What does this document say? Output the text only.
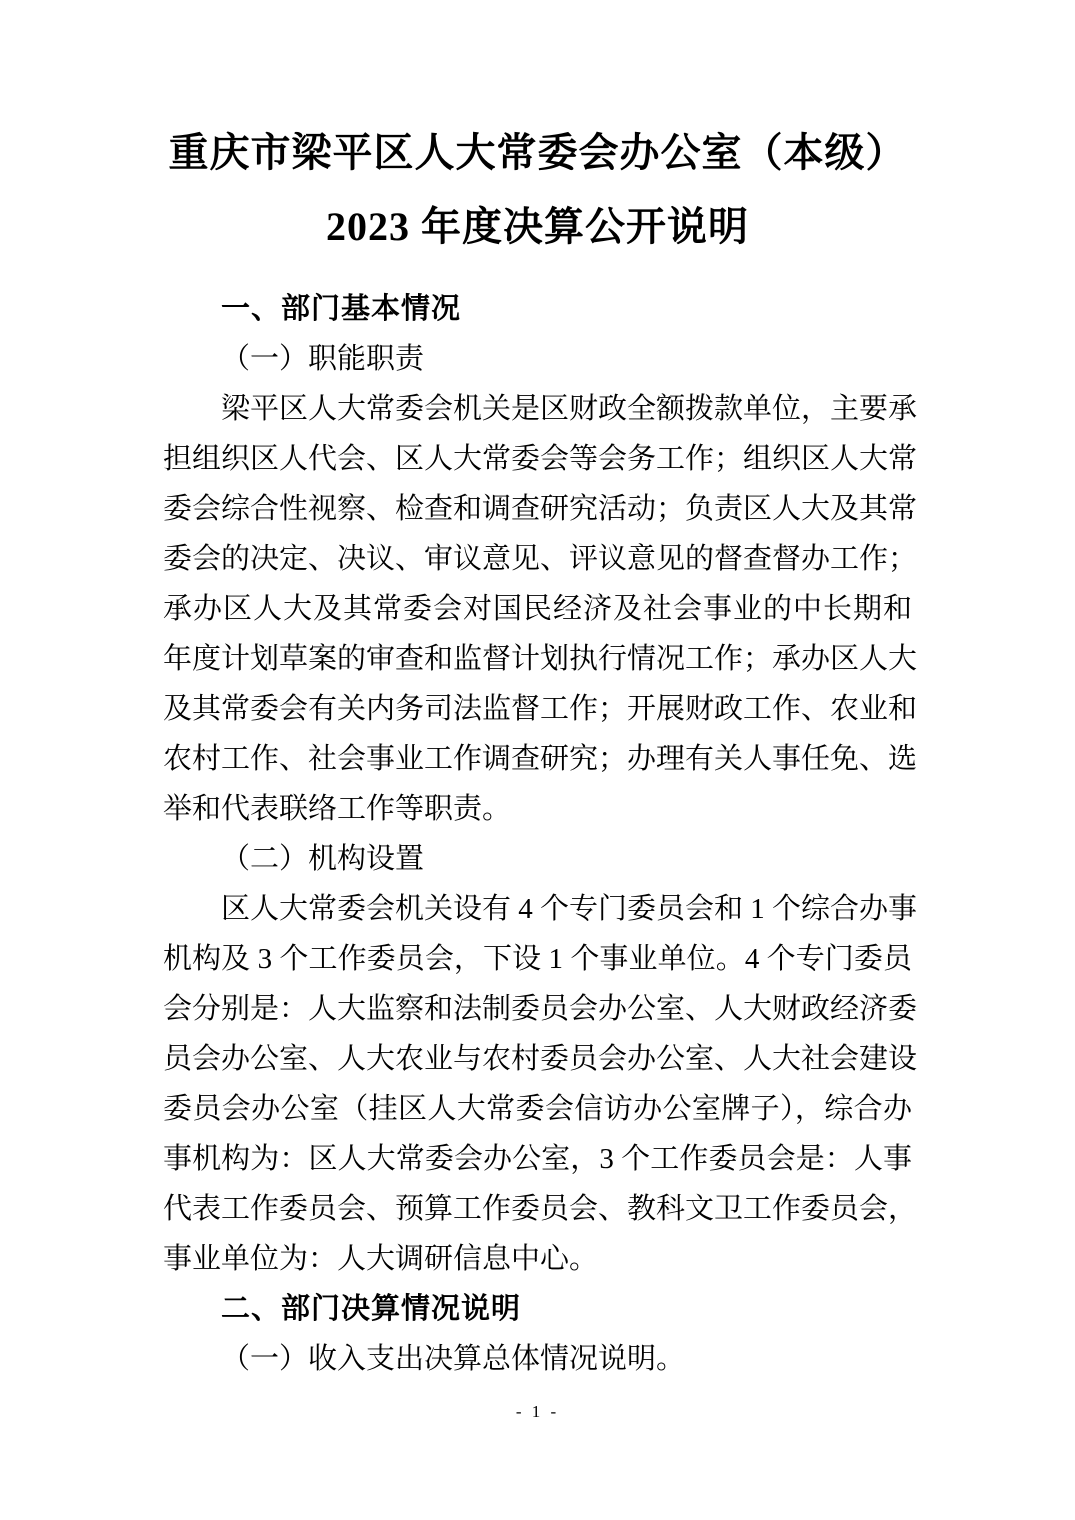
重庆市梁平区人大常委会办公室（本级）
2023 年度决算公开说明
一、部门基本情况
（一）职能职责
梁平区人大常委会机关是区财政全额拨款单位，主要承
担组织区人代会、区人大常委会等会务工作；组织区人大常
委会综合性视察、检查和调查研究活动；负责区人大及其常
委会的决定、决议、审议意见、评议意见的督查督办工作；
承办区人大及其常委会对国民经济及社会事业的中长期和
年度计划草案的审查和监督计划执行情况工作；承办区人大
及其常委会有关内务司法监督工作；开展财政工作、农业和
农村工作、社会事业工作调查研究；办理有关人事任免、选
举和代表联络工作等职责。
（二）机构设置
区人大常委会机关设有 4 个专门委员会和 1 个综合办事
机构及 3 个工作委员会，下设 1 个事业单位。4 个专门委员
会分别是：人大监察和法制委员会办公室、人大财政经济委
员会办公室、人大农业与农村委员会办公室、人大社会建设
委员会办公室（挂区人大常委会信访办公室牌子），综合办
事机构为：区人大常委会办公室，3 个工作委员会是：人事
代表工作委员会、预算工作委员会、教科文卫工作委员会，
事业单位为：人大调研信息中心。
二、部门决算情况说明
（一）收入支出决算总体情况说明。
- 1 -
